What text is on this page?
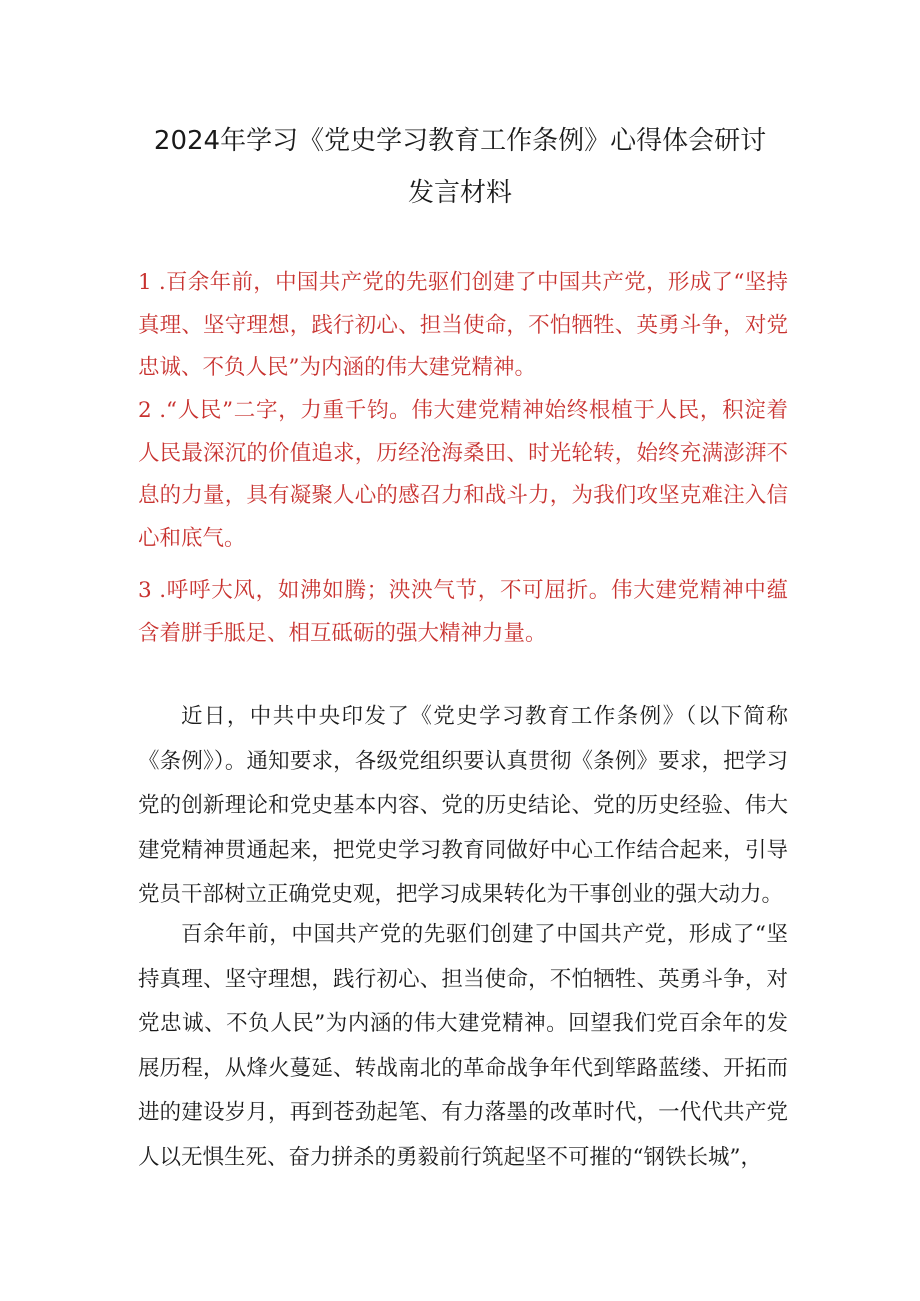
2024年学习《党史学习教育工作条例》心得体会研讨
发言材料
1 .百余年前，中国共产党的先驱们创建了中国共产党，形成了“坚持真理、坚守理想，践行初心、担当使命，不怕牺牲、英勇斗争，对党忠诚、不负人民”为内涵的伟大建党精神。
2 .“人民”二字，力重千钧。伟大建党精神始终根植于人民，积淀着人民最深沉的价值追求，历经沧海桑田、时光轮转，始终充满澎湃不息的力量，具有凝聚人心的感召力和战斗力，为我们攻坚克难注入信心和底气。
3 .呼呼大风，如沸如腾；泱泱气节，不可屈折。伟大建党精神中蕴含着胼手胝足、相互砥砺的强大精神力量。
近日，中共中央印发了《党史学习教育工作条例》（以下简称《条例》）。通知要求，各级党组织要认真贯彻《条例》要求，把学习党的创新理论和党史基本内容、党的历史结论、党的历史经验、伟大建党精神贯通起来，把党史学习教育同做好中心工作结合起来，引导党员干部树立正确党史观，把学习成果转化为干事创业的强大动力。
百余年前，中国共产党的先驱们创建了中国共产党，形成了“坚持真理、坚守理想，践行初心、担当使命，不怕牺牲、英勇斗争，对党忠诚、不负人民”为内涵的伟大建党精神。回望我们党百余年的发展历程，从烽火蔓延、转战南北的革命战争年代到筚路蓝缕、开拓而进的建设岁月，再到苍劲起笔、有力落墨的改革时代，一代代共产党人以无惧生死、奋力拼杀的勇毅前行筑起坚不可摧的“钢铁长城”，
